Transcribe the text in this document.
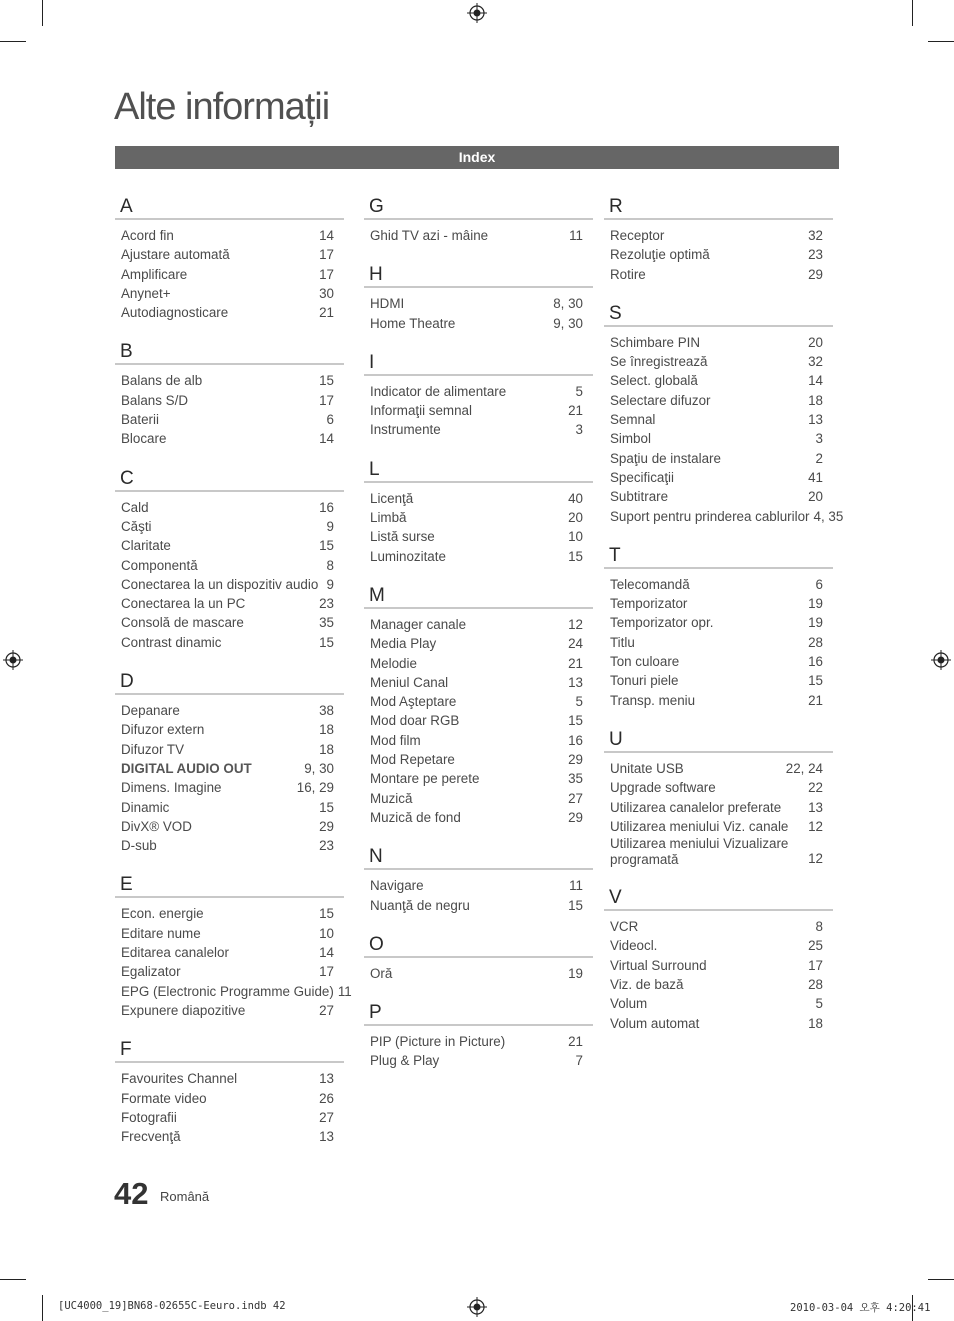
Alte informații
Index
A
Acord fin	14
Ajustare automată	17
Amplificare	17
Anynet+	30
Autodiagnosticare	21
B
Balans de alb	15
Balans S/D	17
Baterii	6
Blocare	14
C
Cald	16
Căşti	9
Claritate	15
Componentă	8
Conectarea la un dispozitiv audio 9
Conectarea la un PC	23
Consolă de mascare	35
Contrast dinamic	15
D
Depanare	38
Difuzor extern	18
Difuzor TV	18
DIGITAL AUDIO OUT	9, 30
Dimens. Imagine	16, 29
Dinamic	15
DivX® VOD	29
D-sub	23
E
Econ. energie	15
Editare nume	10
Editarea canalelor	14
Egalizator	17
EPG (Electronic Programme Guide) 11
Expunere diapozitive	27
F
Favourites Channel	13
Formate video	26
Fotografii	27
Frecvenţă	13
G
Ghid TV azi - mâine	11
H
HDMI	8, 30
Home Theatre	9, 30
I
Indicator de alimentare	5
Informaţii semnal	21
Instrumente	3
L
Licenţă	40
Limbă	20
Listă surse	10
Luminozitate	15
M
Manager canale	12
Media Play	24
Melodie	21
Meniul Canal	13
Mod Aşteptare	5
Mod doar RGB	15
Mod film	16
Mod Repetare	29
Montare pe perete	35
Muzică	27
Muzică de fond	29
N
Navigare	11
Nuanţă de negru	15
O
Oră	19
P
PIP (Picture in Picture)	21
Plug & Play	7
R
Receptor	32
Rezoluţie optimă	23
Rotire	29
S
Schimbare PIN	20
Se înregistrează	32
Select. globală	14
Selectare difuzor	18
Semnal	13
Simbol	3
Spaţiu de instalare	2
Specificaţii	41
Subtitrare	20
Suport pentru prinderea cablurilor 4, 35
T
Telecomandă	6
Temporizator	19
Temporizator opr.	19
Titlu	28
Ton culoare	16
Tonuri piele	15
Transp. meniu	21
U
Unitate USB	22, 24
Upgrade software	22
Utilizarea canalelor preferate 13
Utilizarea meniului Viz. canale 12
Utilizarea meniului Vizualizare programată	12
V
VCR	8
Videocl.	25
Virtual Surround	17
Viz. de bază	28
Volum	5
Volum automat	18
42 Română
[UC4000_19]BN68-02655C-Eeuro.indb 42	2010-03-04 오후 4:20:41
